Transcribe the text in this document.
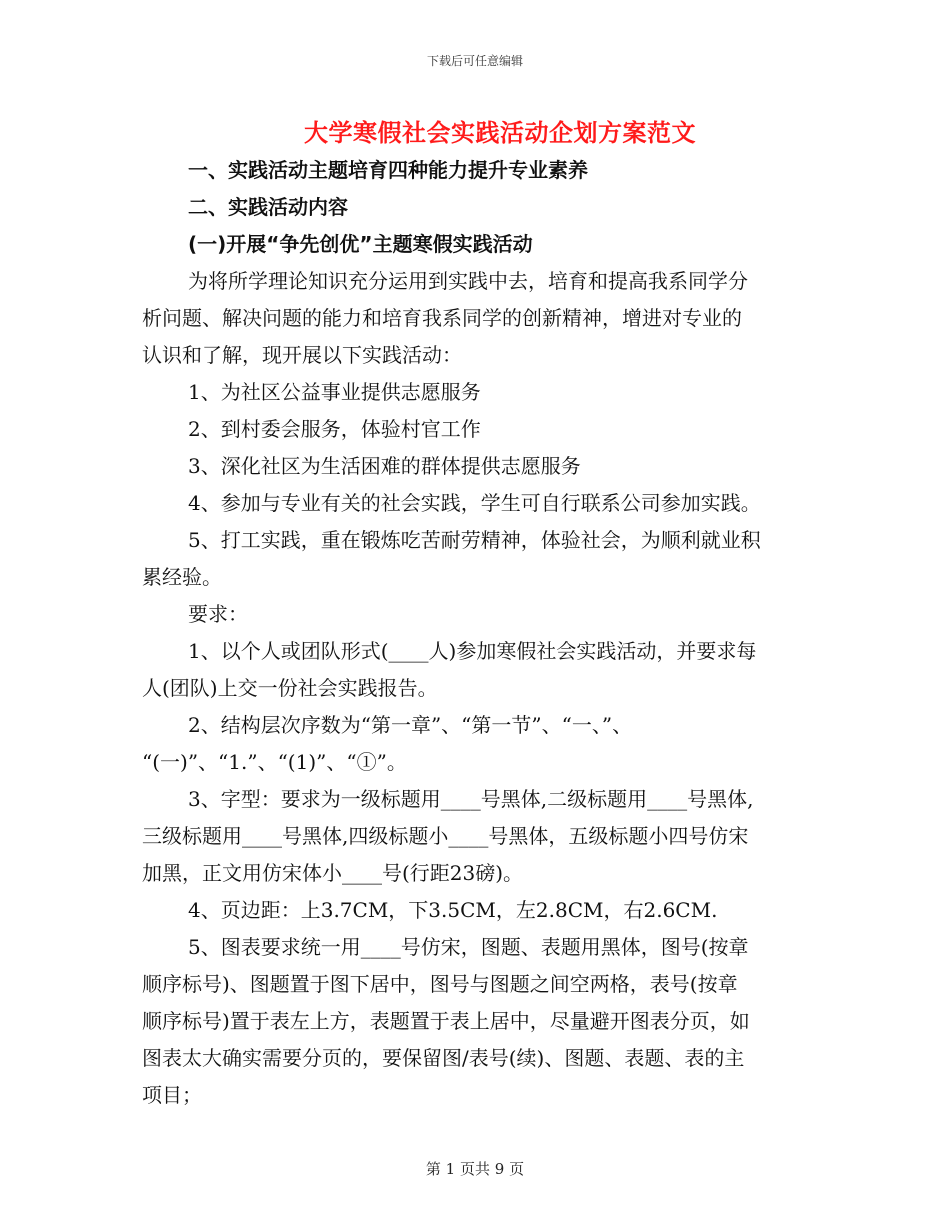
下载后可任意编辑
大学寒假社会实践活动企划方案范文
一、实践活动主题培育四种能力提升专业素养
二、实践活动内容
(一)开展“争先创优”主题寒假实践活动
为将所学理论知识充分运用到实践中去，培育和提高我系同学分
析问题、解决问题的能力和培育我系同学的创新精神，增进对专业的
认识和了解，现开展以下实践活动：
1、为社区公益事业提供志愿服务
2、到村委会服务，体验村官工作
3、深化社区为生活困难的群体提供志愿服务
4、参加与专业有关的社会实践，学生可自行联系公司参加实践。
5、打工实践，重在锻炼吃苦耐劳精神，体验社会，为顺利就业积
累经验。
要求：
1、以个人或团队形式(____人)参加寒假社会实践活动，并要求每
人(团队)上交一份社会实践报告。
2、结构层次序数为“第一章”、“第一节”、“一、”、
“(一)”、“1.”、“(1)”、“①”。
3、字型：要求为一级标题用____号黑体,二级标题用____号黑体,
三级标题用____号黑体,四级标题小____号黑体，五级标题小四号仿宋
加黑，正文用仿宋体小____号(行距23磅)。
4、页边距：上3.7CM，下3.5CM，左2.8CM，右2.6CM.
5、图表要求统一用____号仿宋，图题、表题用黑体，图号(按章
顺序标号)、图题置于图下居中，图号与图题之间空两格，表号(按章
顺序标号)置于表左上方，表题置于表上居中，尽量避开图表分页，如
图表太大确实需要分页的，要保留图/表号(续)、图题、表题、表的主
项目；
第 1 页共 9 页
